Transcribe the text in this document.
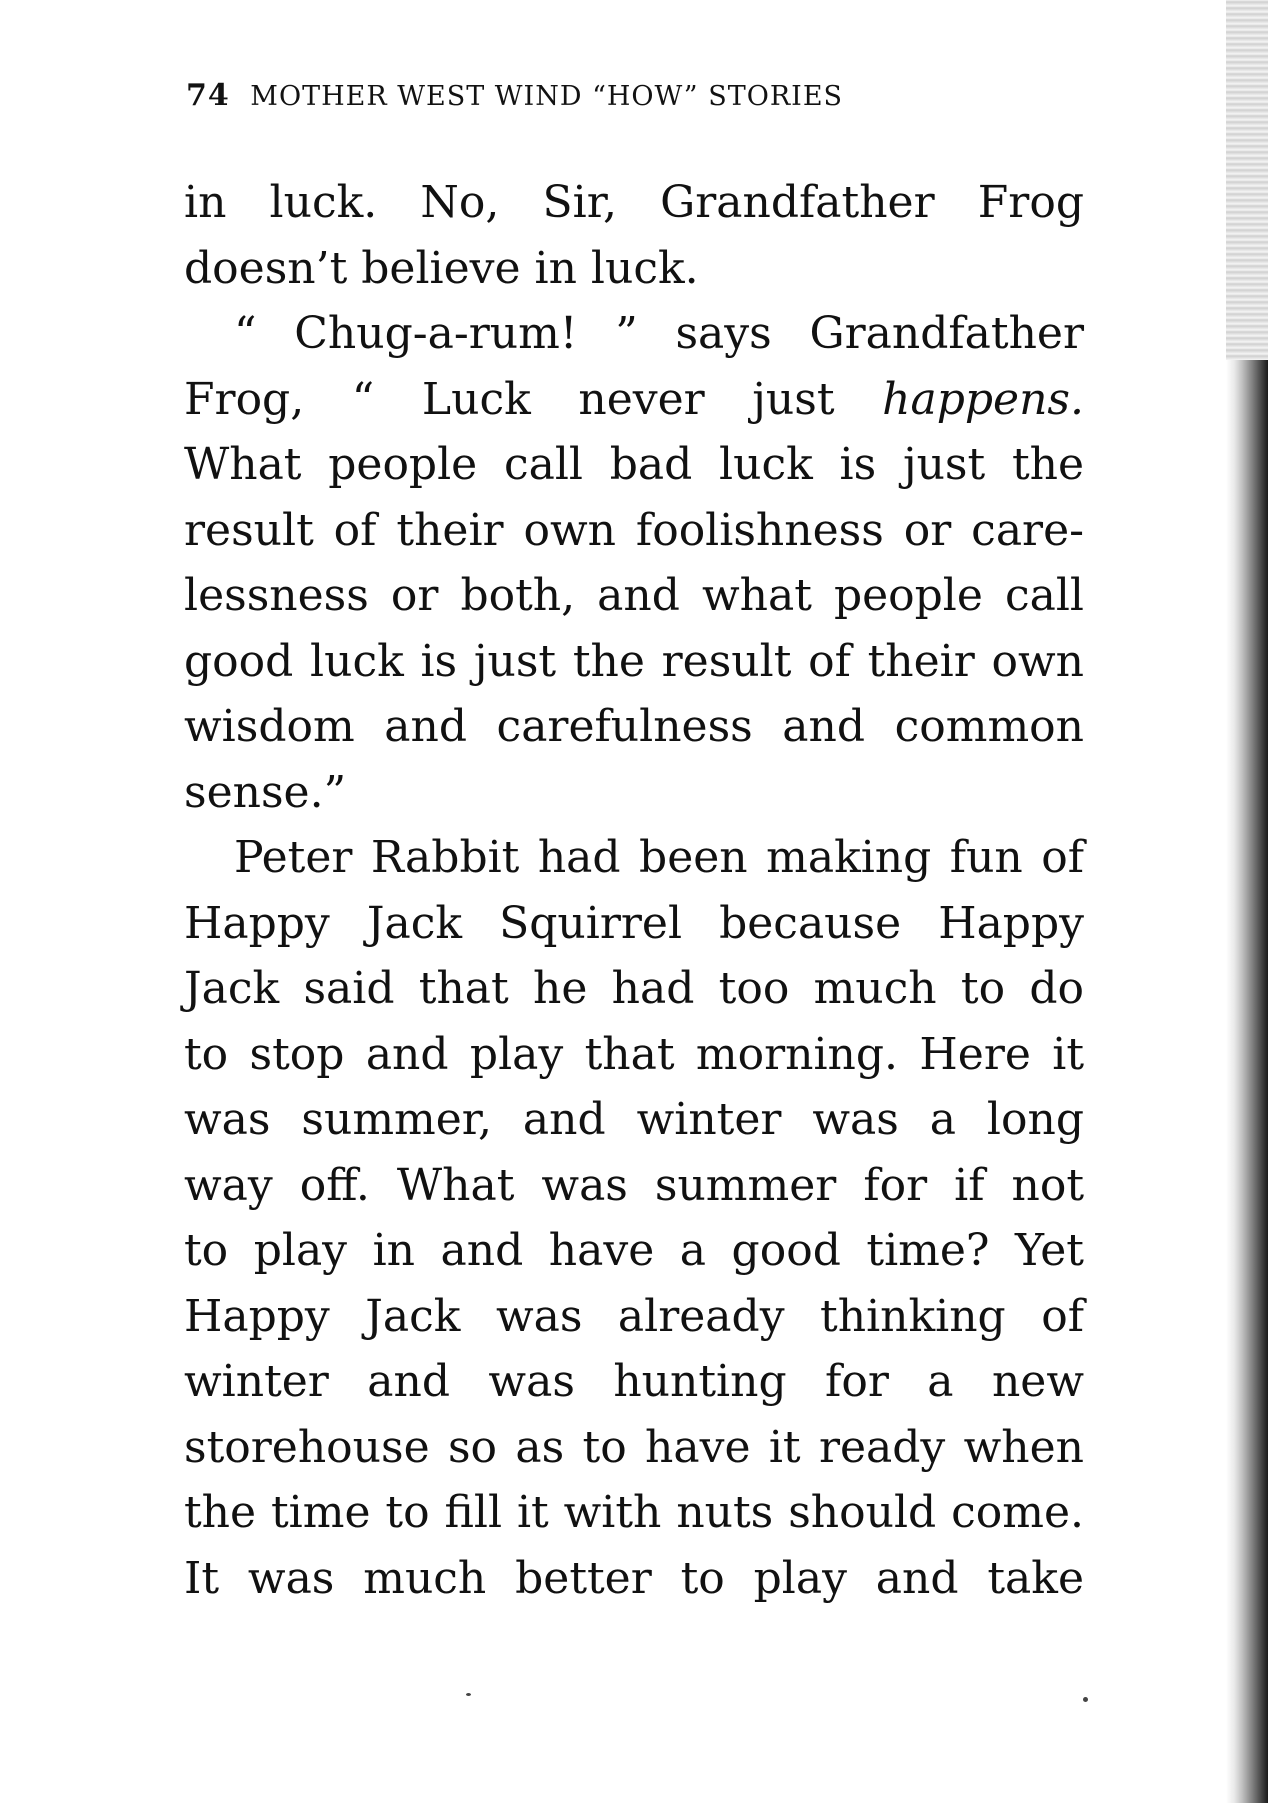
74 MOTHER WEST WIND “HOW” STORIES
in luck. No, Sir, Grandfather Frog
doesn’t believe in luck.
“ Chug-a-rum! ” says Grandfather
Frog, “ Luck never just happens.
What people call bad luck is just the
result of their own foolishness or care-
lessness or both, and what people call
good luck is just the result of their own
wisdom and carefulness and common
sense.”
Peter Rabbit had been making fun of
Happy Jack Squirrel because Happy
Jack said that he had too much to do
to stop and play that morning. Here it
was summer, and winter was a long
way off. What was summer for if not
to play in and have a good time? Yet
Happy Jack was already thinking of
winter and was hunting for a new
storehouse so as to have it ready when
the time to fill it with nuts should come.
It was much better to play and take
